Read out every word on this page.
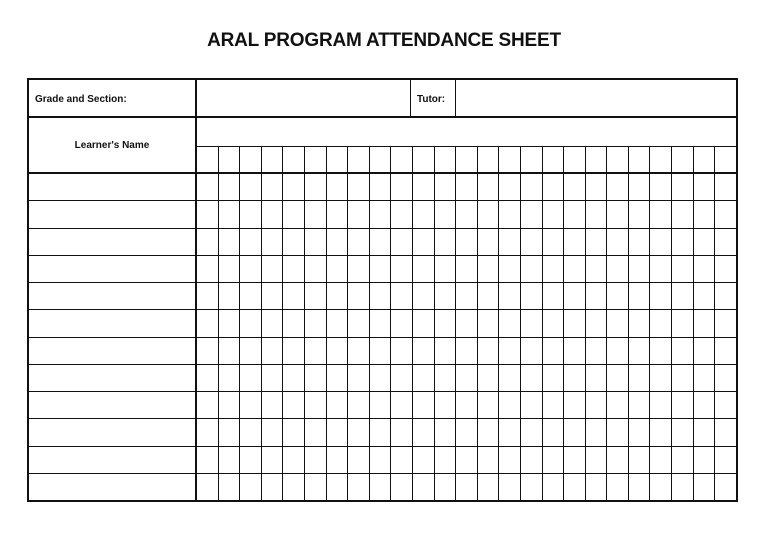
ARAL PROGRAM ATTENDANCE SHEET
Grade and Section:	Tutor:
Learner's Name
